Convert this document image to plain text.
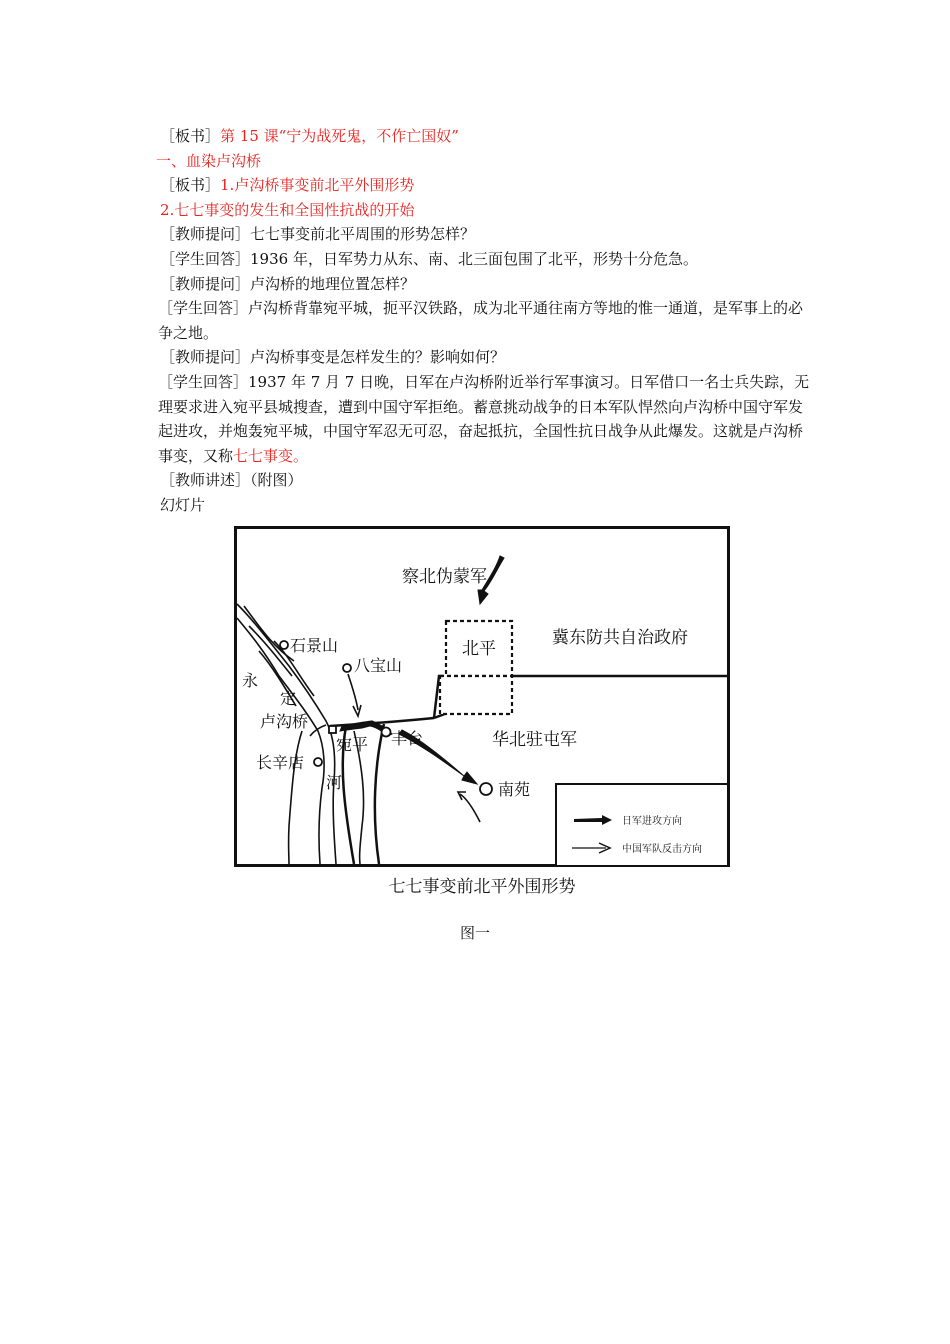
［板书］第 15 课“宁为战死鬼，不作亡国奴”
一、血染卢沟桥
［板书］1.卢沟桥事变前北平外围形势
2.七七事变的发生和全国性抗战的开始
［教师提问］七七事变前北平周围的形势怎样？
［学生回答］1936 年，日军势力从东、南、北三面包围了北平，形势十分危急。
［教师提问］卢沟桥的地理位置怎样？
［学生回答］卢沟桥背靠宛平城，扼平汉铁路，成为北平通往南方等地的惟一通道，是军事上的必争之地。
［教师提问］卢沟桥事变是怎样发生的？影响如何？
［学生回答］1937 年 7 月 7 日晚，日军在卢沟桥附近举行军事演习。日军借口一名士兵失踪，无理要求进入宛平县城搜查，遭到中国守军拒绝。蓄意挑动战争的日本军队悍然向卢沟桥中国守军发起进攻，并炮轰宛平城，中国守军忍无可忍，奋起抵抗，全国性抗日战争从此爆发。这就是卢沟桥事变，又称七七事变。
［教师讲述］（附图）
幻灯片
察北伪蒙军
北平
冀东防共自治政府
石景山
八宝山
永
定
卢沟桥
宛平 丰台	华北驻屯军
长辛店
河	南苑
日军进攻方向
中国军队反击方向
七七事变前北平外围形势
图一
